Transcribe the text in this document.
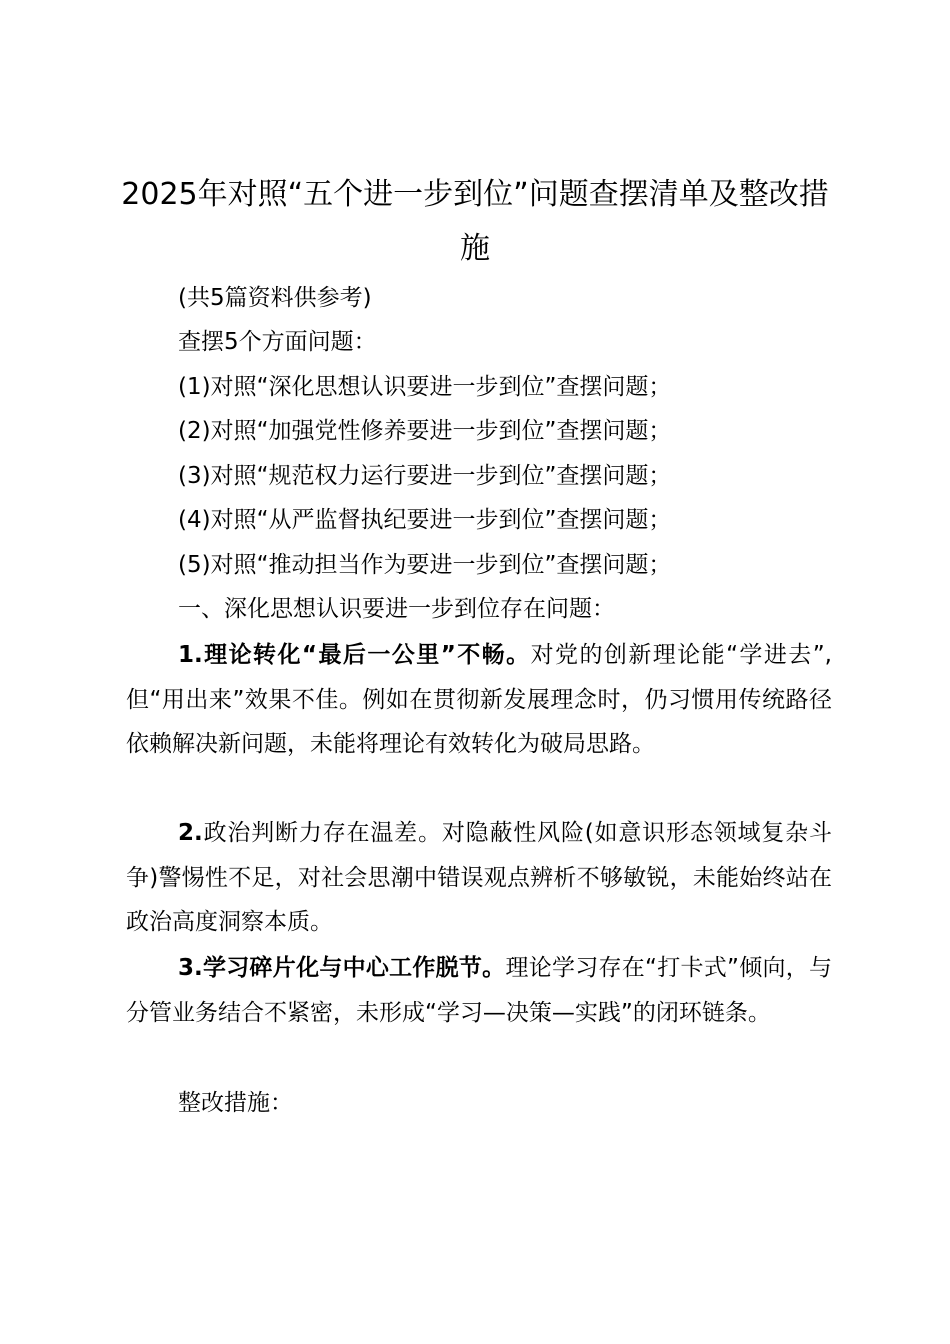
2025年对照“五个进一步到位”问题查摆清单及整改措施

(共5篇资料供参考)

查摆5个方面问题：

(1)对照“深化思想认识要进一步到位”查摆问题；

(2)对照“加强党性修养要进一步到位”查摆问题；

(3)对照“规范权力运行要进一步到位”查摆问题；

(4)对照“从严监督执纪要进一步到位”查摆问题；

(5)对照“推动担当作为要进一步到位”查摆问题；

一、深化思想认识要进一步到位存在问题：

1.理论转化“最后一公里”不畅。对党的创新理论能“学进去”,但“用出来”效果不佳。例如在贯彻新发展理念时，仍习惯用传统路径依赖解决新问题，未能将理论有效转化为破局思路。

2.政治判断力存在温差。对隐蔽性风险(如意识形态领域复杂斗争)警惕性不足，对社会思潮中错误观点辨析不够敏锐，未能始终站在政治高度洞察本质。

3.学习碎片化与中心工作脱节。理论学习存在“打卡式”倾向，与分管业务结合不紧密，未形成“学习—决策—实践”的闭环链条。

整改措施：
